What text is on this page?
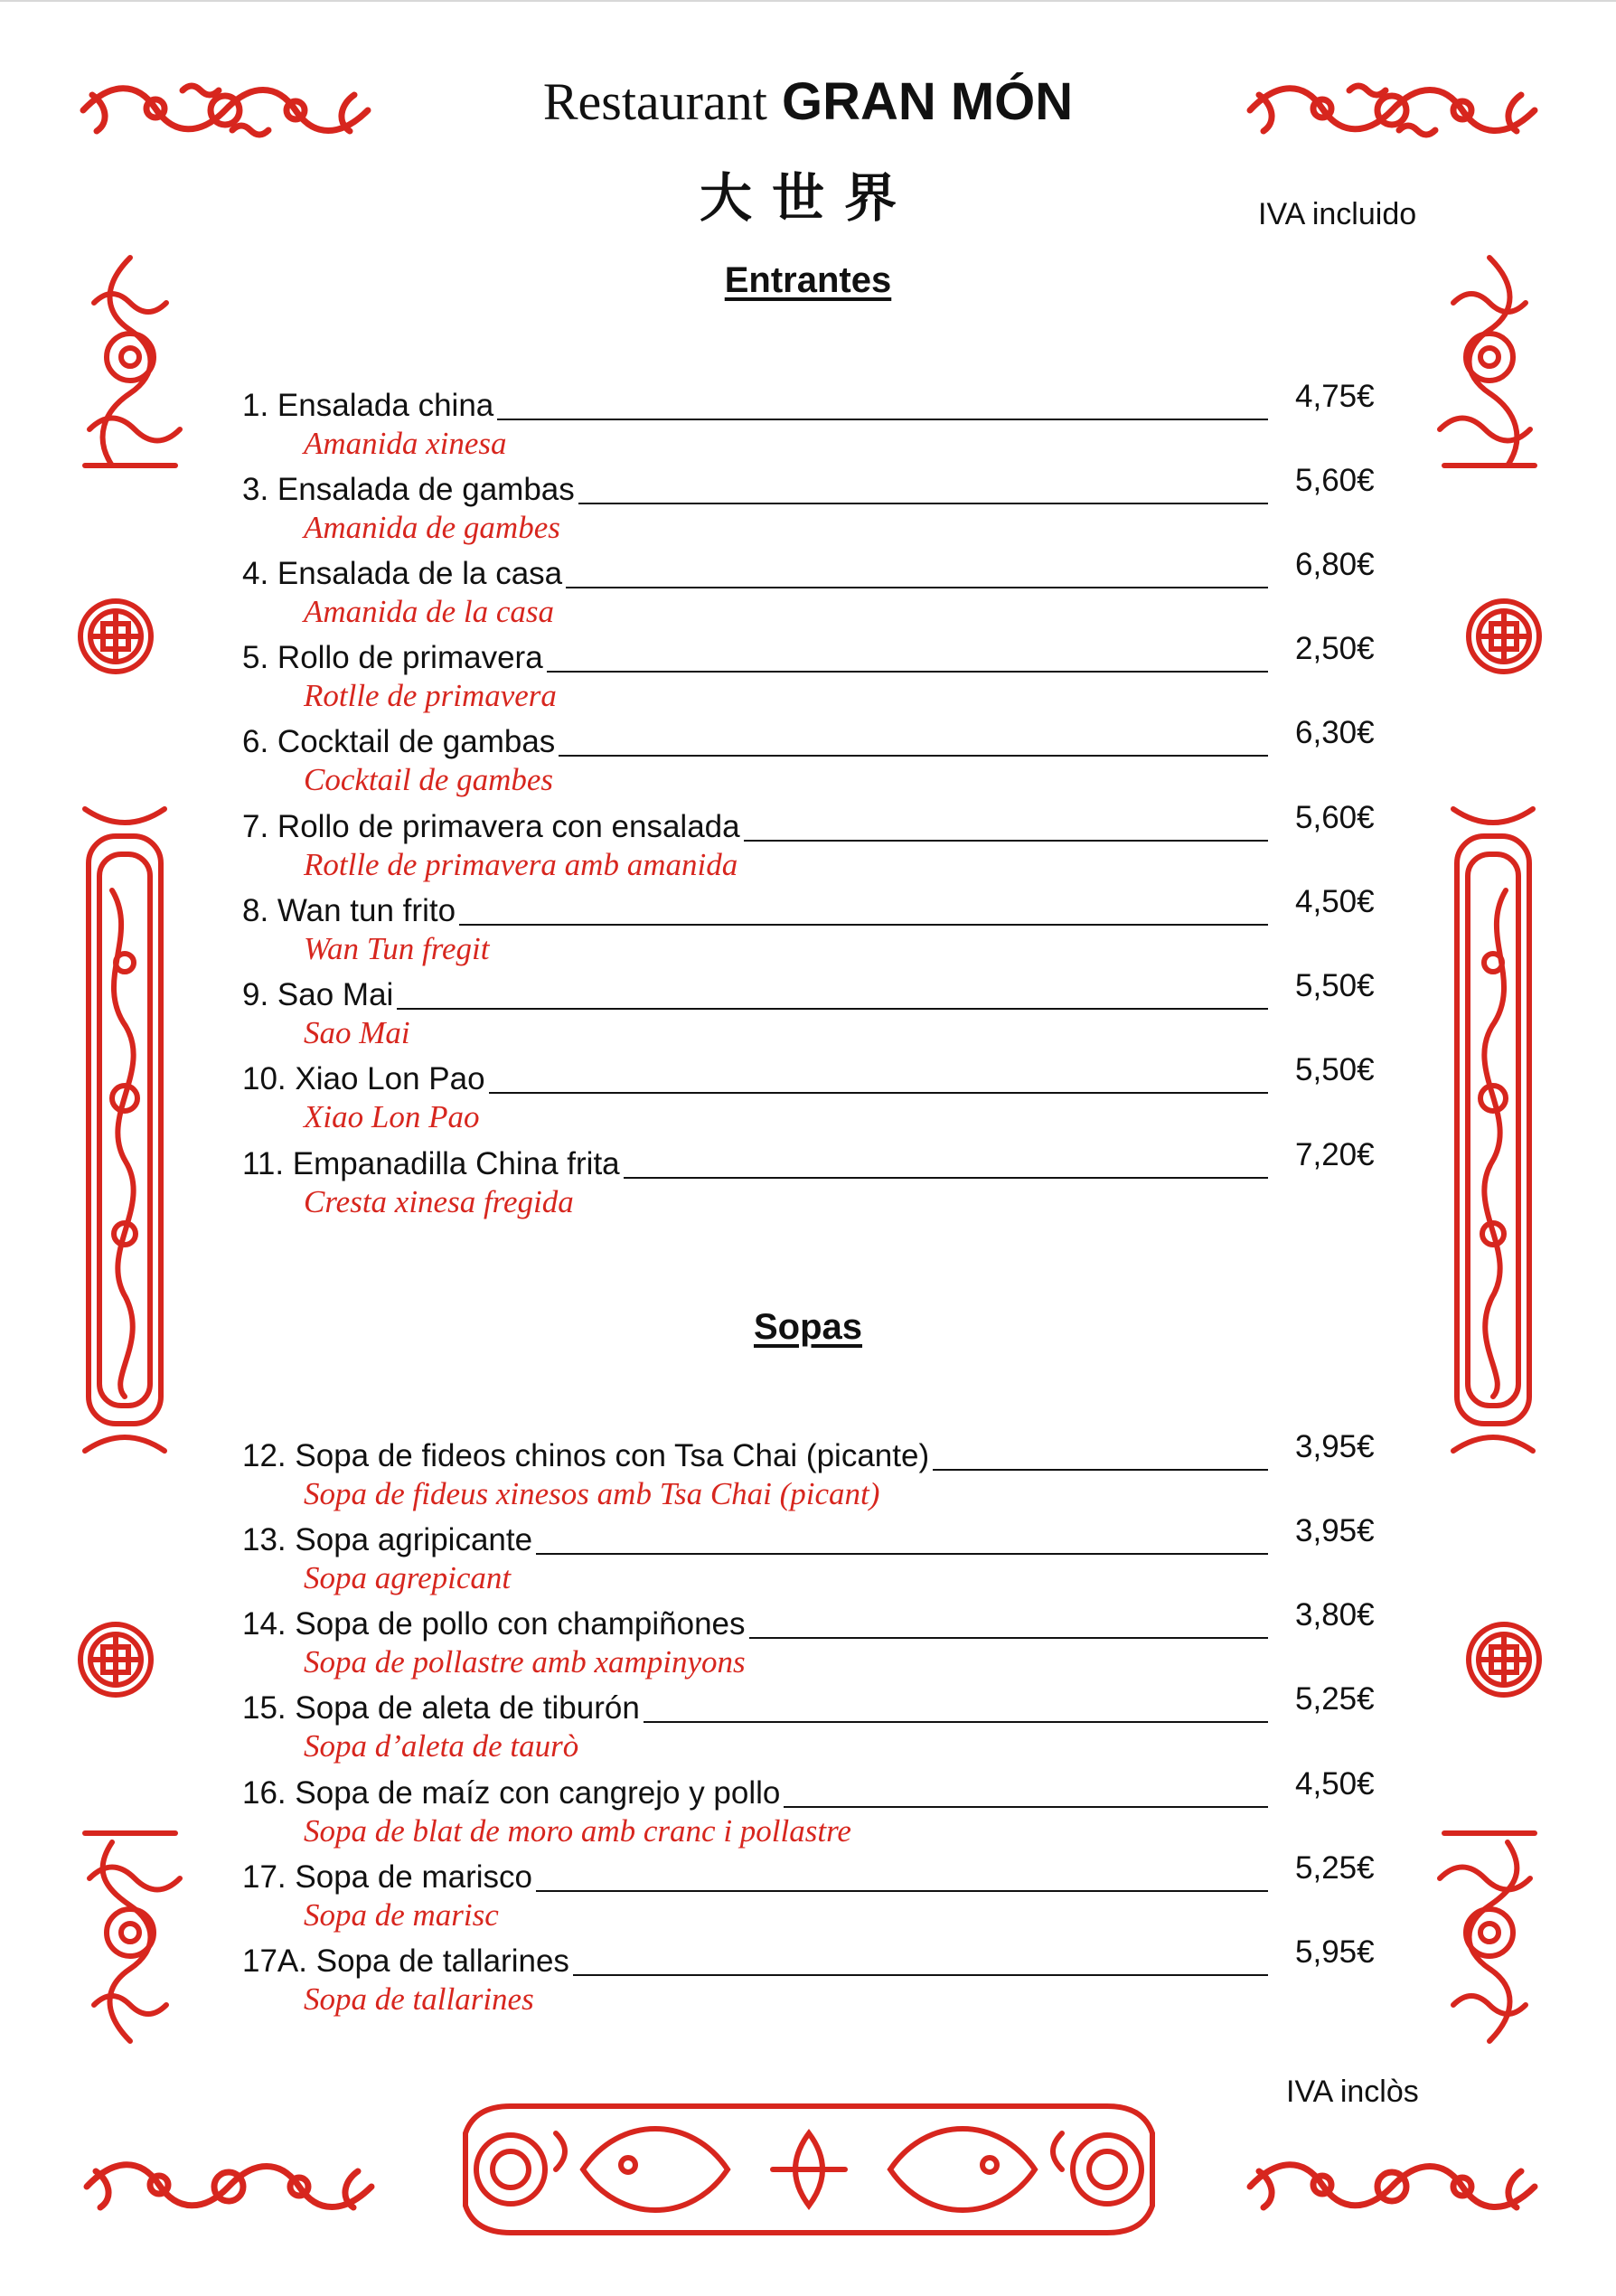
Restaurant GRAN MÓN
大世界	IVA incluido
IVA inclòs
Entrantes
Sopas
1. Ensalada china	4,75€
Amanida xinesa
3. Ensalada de gambas	5,60€
Amanida de gambes
4. Ensalada de la casa	6,80€
Amanida de la casa
5. Rollo de primavera	2,50€
Rotlle de primavera
6. Cocktail de gambas	6,30€
Cocktail de gambes
7. Rollo de primavera con ensalada	5,60€
Rotlle de primavera amb amanida
8. Wan tun frito	4,50€
Wan Tun fregit
9. Sao Mai	5,50€
Sao Mai
10. Xiao Lon Pao	5,50€
Xiao Lon Pao
11. Empanadilla China frita	7,20€
Cresta xinesa fregida
12. Sopa de fideos chinos con Tsa Chai (picante)	3,95€
Sopa de fideus xinesos amb Tsa Chai (picant)
13. Sopa agripicante	3,95€
Sopa agrepicant
14. Sopa de pollo con champiñones	3,80€
Sopa de pollastre amb xampinyons
15. Sopa de aleta de tiburón	5,25€
Sopa d’aleta de taurò
16. Sopa de maíz con cangrejo y pollo	4,50€
Sopa de blat de moro amb cranc i pollastre
17. Sopa de marisco	5,25€
Sopa de marisc
17A. Sopa de tallarines	5,95€
Sopa de tallarines
